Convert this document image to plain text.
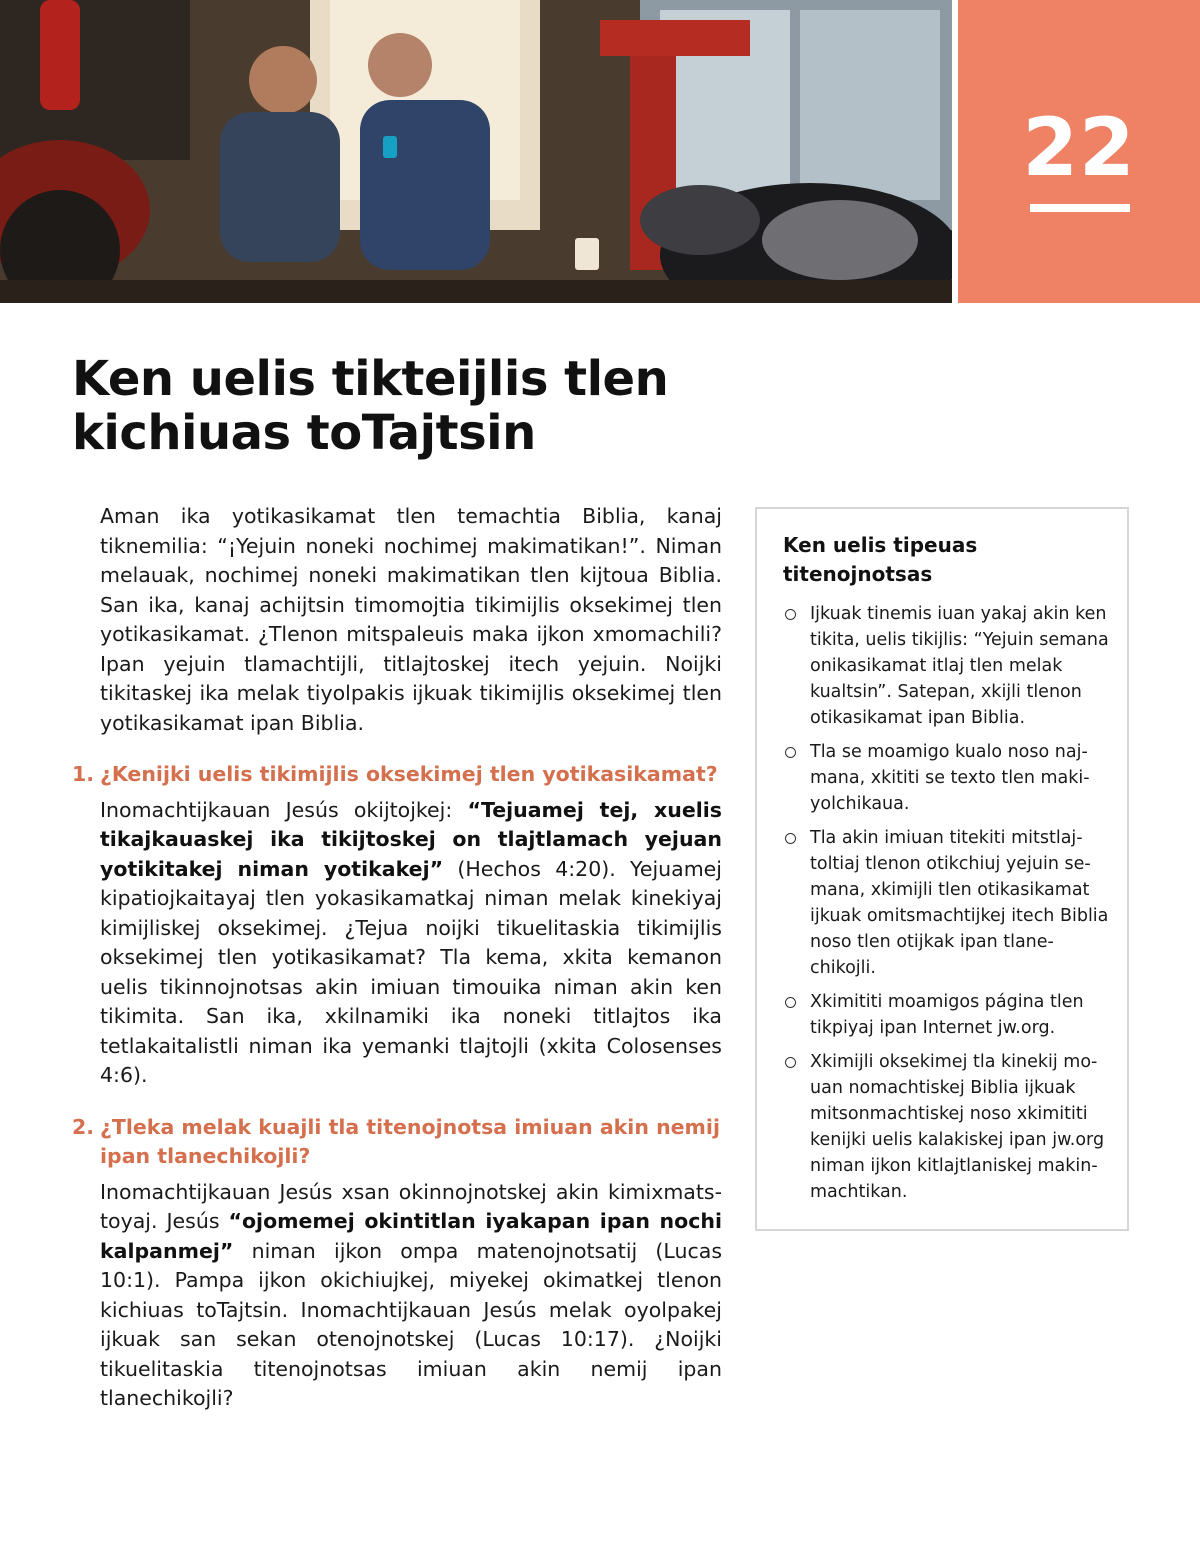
22
Ken uelis tikteijlis tlen
kichiuas toTajtsin

Aman ika yotikasikamat tlen temachtia Biblia, kanaj tiknemilia: “¡Yejuin noneki nochimej makimatikan!”. Niman melauak, nochimej noneki makimatikan tlen kijtoua Biblia. San ika, kanaj achijtsin timomojtia tikimijlis oksekimej tlen yotikasikamat. ¿Tlenon mitspaleuis maka ijkon xmomachili? Ipan yejuin tlamachtijli, titlajtoskej itech yejuin. Noijki tikitaskej ika melak tiyolpakis ijkuak tikimijlis oksekimej tlen yotikasikamat ipan Biblia.

1. ¿Kenijki uelis tikimijlis oksekimej tlen yotikasikamat?

Inomachtijkauan Jesús okijtojkej: “Tejuamej tej, xuelis tikajkauaskej ika tikijtoskej on tlajtlamach yejuan yotikitakej niman yotikakej” (Hechos 4:20). Yejuamej kipatiojkaitayaj tlen yokasikamatkaj niman melak kinekiyaj kimijliskej oksekimej. ¿Tejua noijki tikuelitaskia tikimijlis oksekimej tlen yotikasikamat? Tla kema, xkita kemanon uelis tikinnojnotsas akin imiuan timouika niman akin ken tikimita. San ika, xkilnamiki ika noneki titlajtos ika tetlakaitalistli niman ika yemanki tlajtojli (xkita Colosenses 4:6).

2. ¿Tleka melak kuajli tla titenojnotsa imiuan akin nemij ipan tlanechikojli?

Inomachtijkauan Jesús xsan okinnojnotskej akin kimixmatstoyaj. Jesús “ojomemej okintitlan iyakapan ipan nochi kalpanmej” niman ijkon ompa matenojnotsatij (Lucas 10:1). Pampa ijkon okichiujkej, miyekej okimatkej tlenon kichiuas toTajtsin. Inomachtijkauan Jesús melak oyolpakej ijkuak san sekan otenojnotskej (Lucas 10:17). ¿Noijki tikuelitaskia titenojnotsas imiuan akin nemij ipan tlanechikojli?

Ken uelis tipeuas titenojnotsas
Ijkuak tinemis iuan yakaj akin ken tikita, uelis tikijlis: “Yejuin semana onikasikamat itlaj tlen melak kualtsin”. Satepan, xkijli tlenon otikasikamat ipan Biblia.
Tla se moamigo kualo noso najmana, xkititi se texto tlen makiyolchikaua.
Tla akin imiuan titekiti mitstlajtoltiaj tlenon otikchiuj yejuin semana, xkimijli tlen otikasikamat ijkuak omitsmachtijkej itech Biblia noso tlen otijkak ipan tlanechikojli.
Xkimititi moamigos página tlen tikpiyaj ipan Internet jw.org.
Xkimijli oksekimej tla kinekij mouan nomachtiskej Biblia ijkuak mitsonmachtiskej noso xkimititi kenijki uelis kalakiskej ipan jw.org niman ijkon kitlajtlaniskej makinmachtikan.
